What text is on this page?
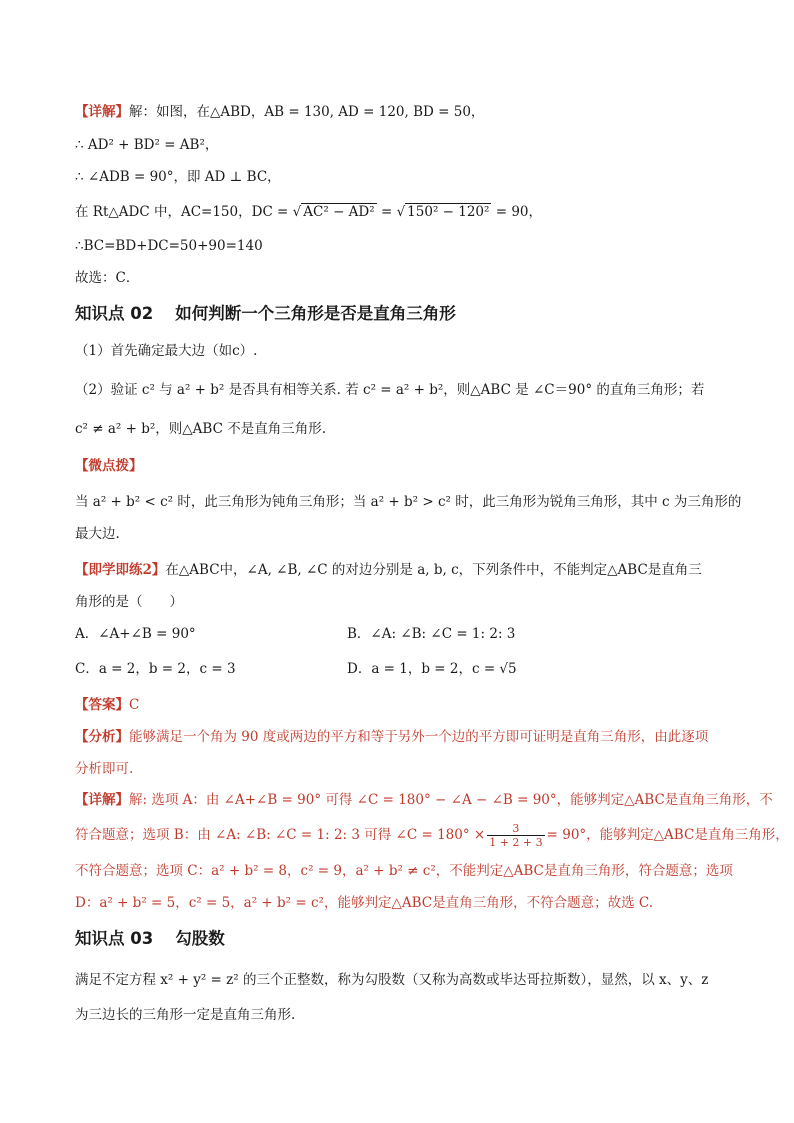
【详解】解：如图，在△ABD，AB = 130, AD = 120, BD = 50，
∴ AD² + BD² = AB²，
∴ ∠ADB = 90°，即 AD ⊥ BC，
在 Rt△ADC 中，AC=150，DC = √ AC² − AD² = √ 150² − 120² = 90，
∴BC=BD+DC=50+90=140
故选：C．
知识点 02 如何判断一个三角形是否是直角三角形
（1）首先确定最大边（如c）.
（2）验证 c² 与 a² + b² 是否具有相等关系. 若 c² = a² + b²，则△ABC 是 ∠C＝90° 的直角三角形；若
c² ≠ a² + b²，则△ABC 不是直角三角形.
【微点拨】
当 a² + b² < c² 时，此三角形为钝角三角形；当 a² + b² > c² 时，此三角形为锐角三角形，其中 c 为三角形的
最大边.
【即学即练2】在△ABC中，∠A, ∠B, ∠C 的对边分别是 a, b, c，下列条件中，不能判定△ABC是直角三
角形的是（　　）
A．∠A+∠B = 90°	B．∠A: ∠B: ∠C = 1: 2: 3
C．a = 2，b = 2，c = 3	D．a = 1，b = 2，c = √5
【答案】C
【分析】能够满足一个角为 90 度或两边的平方和等于另外一个边的平方即可证明是直角三角形，由此逐项
分析即可.
【详解】解: 选项 A：由 ∠A+∠B = 90° 可得 ∠C = 180° − ∠A − ∠B = 90°，能够判定△ABC是直角三角形，不
符合题意；选项 B：由 ∠A: ∠B: ∠C = 1: 2: 3 可得 ∠C = $180^\circ \times \frac{3}{1 + 2 + 3} = 90^\circ$，能够判定△ABC是直角三角形，
不符合题意；选项 C：a² + b² = 8，c² = 9，a² + b² ≠ c²，不能判定△ABC是直角三角形，符合题意；选项
D：a² + b² = 5，c² = 5，a² + b² = c²，能够判定△ABC是直角三角形，不符合题意；故选 C.
知识点 03 勾股数
满足不定方程 x² + y² = z² 的三个正整数，称为勾股数（又称为高数或毕达哥拉斯数），显然，以 x、y、z
为三边长的三角形一定是直角三角形.
